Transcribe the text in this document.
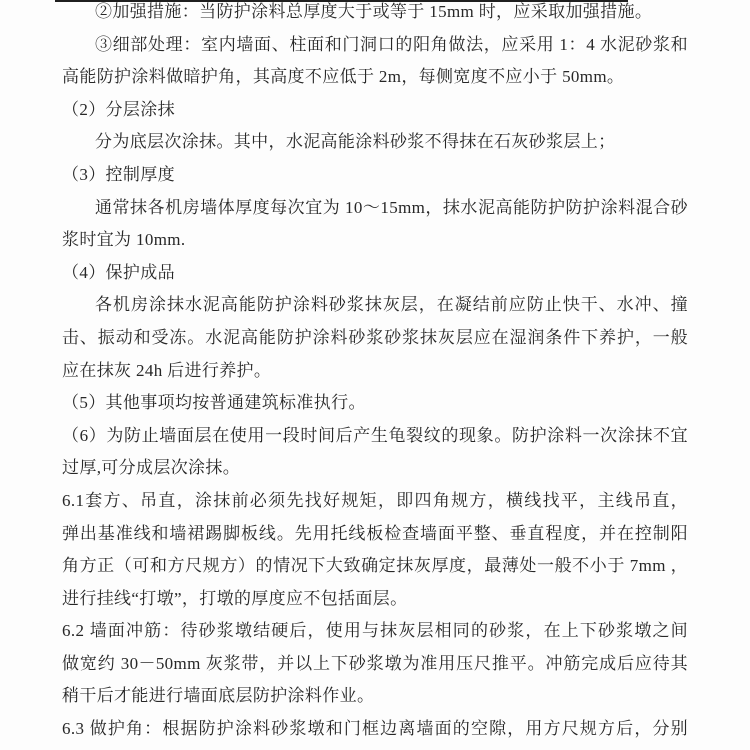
②加强措施：当防护涂料总厚度大于或等于 15mm 时，应采取加强措施。
③细部处理：室内墙面、柱面和门洞口的阳角做法，应采用 1：4 水泥砂浆和
高能防护涂料做暗护角，其高度不应低于 2m，每侧宽度不应小于 50mm。
（2）分层涂抹
分为底层次涂抹。其中，水泥高能涂料砂浆不得抹在石灰砂浆层上；
（3）控制厚度
通常抹各机房墙体厚度每次宜为 10～15mm，抹水泥高能防护防护涂料混合砂
浆时宜为 10mm.
（4）保护成品
各机房涂抹水泥高能防护涂料砂浆抹灰层，在凝结前应防止快干、水冲、撞
击、振动和受冻。水泥高能防护涂料砂浆砂浆抹灰层应在湿润条件下养护，一般
应在抹灰 24h 后进行养护。
（5）其他事项均按普通建筑标准执行。
（6）为防止墙面层在使用一段时间后产生龟裂纹的现象。防护涂料一次涂抹不宜
过厚,可分成层次涂抹。
6.1套方、吊直，涂抹前必须先找好规矩，即四角规方，横线找平，主线吊直，
弹出基准线和墙裙踢脚板线。先用托线板检查墙面平整、垂直程度，并在控制阳
角方正（可和方尺规方）的情况下大致确定抹灰厚度，最薄处一般不小于 7mm ，
进行挂线“打墩”，打墩的厚度应不包括面层。
6.2 墙面冲筋：待砂浆墩结硬后，使用与抹灰层相同的砂浆，在上下砂浆墩之间
做宽约 30－50mm 灰浆带，并以上下砂浆墩为准用压尺推平。冲筋完成后应待其
稍干后才能进行墙面底层防护涂料作业。
6.3 做护角：根据防护涂料砂浆墩和门框边离墙面的空隙，用方尺规方后，分别
